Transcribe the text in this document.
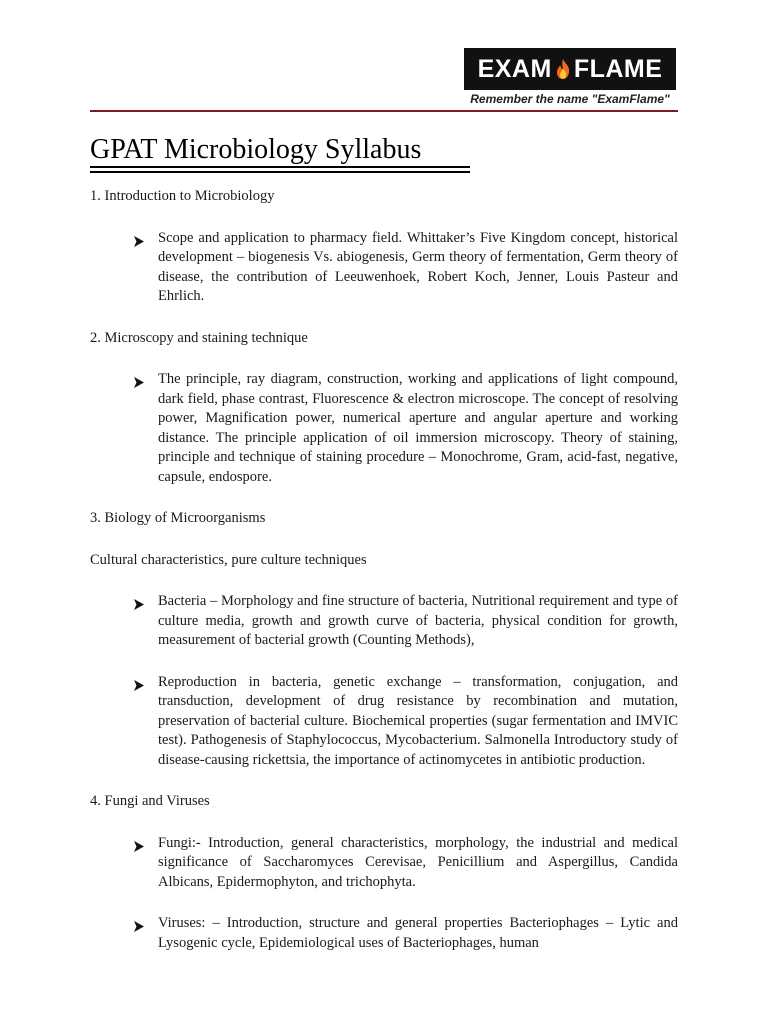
EXAM FLAME
Remember the name "ExamFlame"
GPAT Microbiology Syllabus

1. Introduction to Microbiology

Scope and application to pharmacy field. Whittaker’s Five Kingdom concept, historical development – biogenesis Vs. abiogenesis, Germ theory of fermentation, Germ theory of disease, the contribution of Leeuwenhoek, Robert Koch, Jenner, Louis Pasteur and Ehrlich.

2. Microscopy and staining technique

The principle, ray diagram, construction, working and applications of light compound, dark field, phase contrast, Fluorescence & electron microscope. The concept of resolving power, Magnification power, numerical aperture and angular aperture and working distance. The principle application of oil immersion microscopy. Theory of staining, principle and technique of staining procedure – Monochrome, Gram, acid-fast, negative, capsule, endospore.

3. Biology of Microorganisms

Cultural characteristics, pure culture techniques

Bacteria – Morphology and fine structure of bacteria, Nutritional requirement and type of culture media, growth and growth curve of bacteria, physical condition for growth, measurement of bacterial growth (Counting Methods),

Reproduction in bacteria, genetic exchange – transformation, conjugation, and transduction, development of drug resistance by recombination and mutation, preservation of bacterial culture. Biochemical properties (sugar fermentation and IMVIC test). Pathogenesis of Staphylococcus, Mycobacterium. Salmonella Introductory study of disease-causing rickettsia, the importance of actinomycetes in antibiotic production.

4. Fungi and Viruses

Fungi:- Introduction, general characteristics, morphology, the industrial and medical significance of Saccharomyces Cerevisae, Penicillium and Aspergillus, Candida Albicans, Epidermophyton, and trichophyta.

Viruses: – Introduction, structure and general properties Bacteriophages – Lytic and Lysogenic cycle, Epidemiological uses of Bacteriophages, human
